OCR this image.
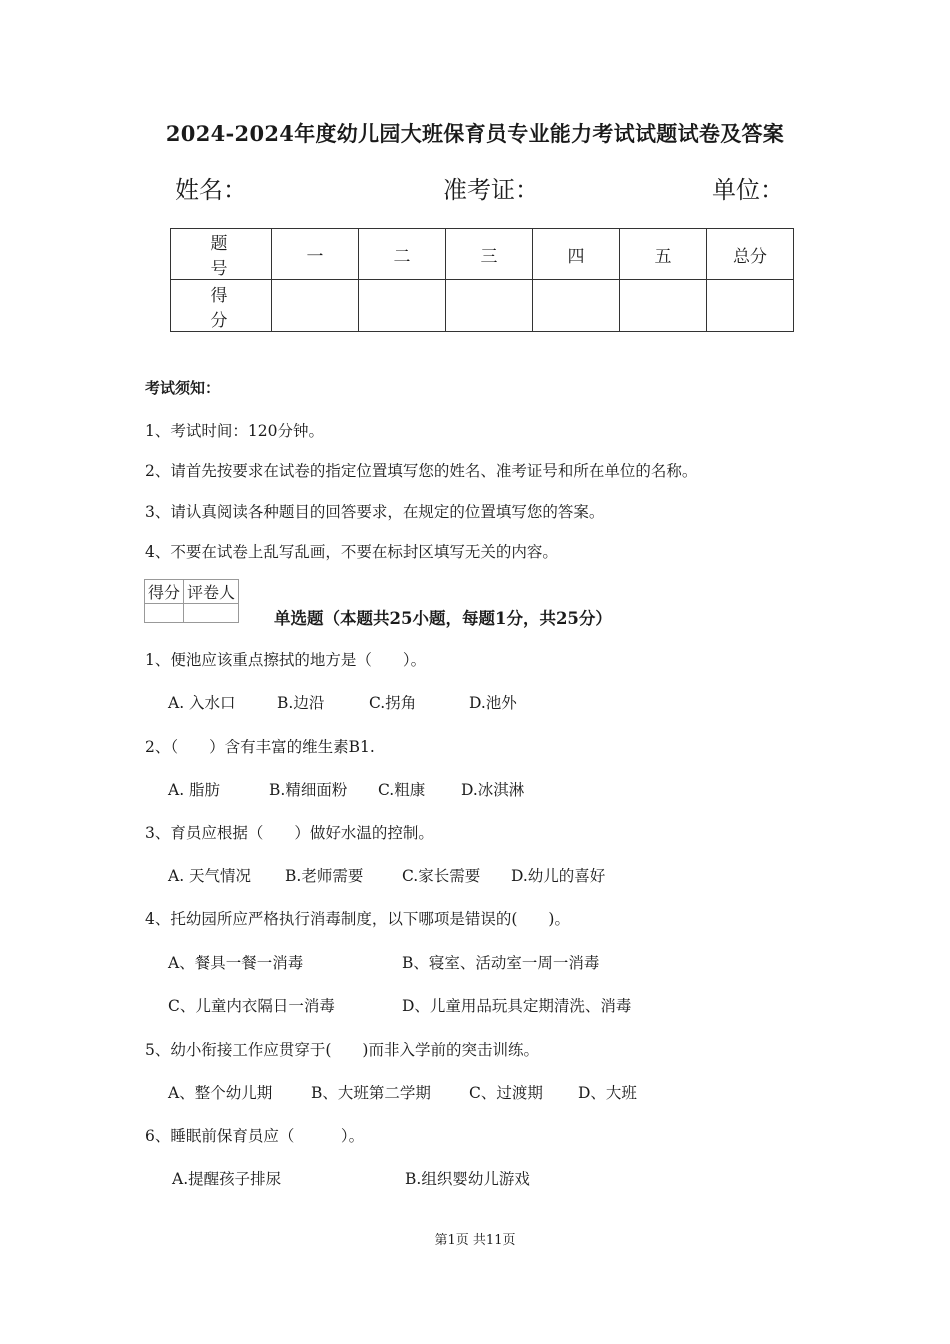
2024-2024年度幼儿园大班保育员专业能力考试试题试卷及答案
姓名：	准考证：	单位：
题　号	一	二	三	四	五	总分
得　分						
考试须知：
1、考试时间：120分钟。
2、请首先按要求在试卷的指定位置填写您的姓名、准考证号和所在单位的名称。
3、请认真阅读各种题目的回答要求，在规定的位置填写您的答案。
4、不要在试卷上乱写乱画，不要在标封区填写无关的内容。
得分	评卷人

单选题（本题共25小题，每题1分，共25分）
1、便池应该重点擦拭的地方是（　　）。
A. 入水口	B.边沿	C.拐角	D.池外
2、（　　）含有丰富的维生素B1.
A. 脂肪	B.精细面粉 C.粗康 D.冰淇淋
3、育员应根据（　　）做好水温的控制。
A. 天气情况 B.老师需要 C.家长需要 D.幼儿的喜好
4、托幼园所应严格执行消毒制度，以下哪项是错误的(　　)。
A、餐具一餐一消毒	B、寝室、活动室一周一消毒
C、儿童内衣隔日一消毒	D、儿童用品玩具定期清洗、消毒
5、幼小衔接工作应贯穿于(　　)而非入学前的突击训练。
A、整个幼儿期	B、大班第二学期 C、过渡期 D、大班
6、睡眠前保育员应（　　　）。
A.提醒孩子排尿	B.组织婴幼儿游戏
第1页 共11页
